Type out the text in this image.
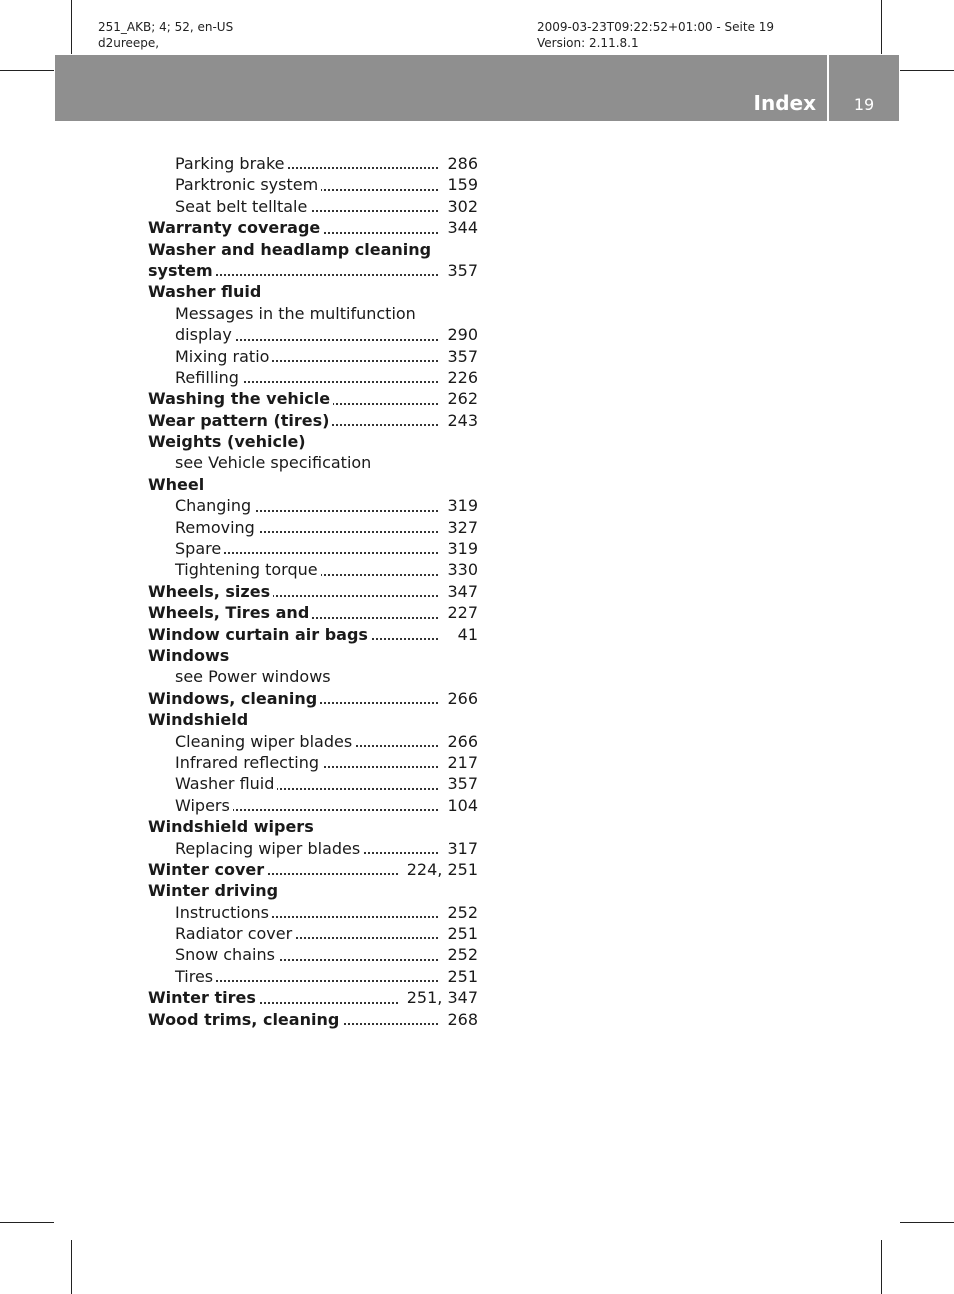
251_AKB; 4; 52, en-US
d2ureepe,
2009-03-23T09:22:52+01:00 - Seite 19
Version: 2.11.8.1
Index	19
Parking brake	286
Parktronic system	159
Seat belt telltale	302
Warranty coverage	344
Washer and headlamp cleaning
system	357
Washer fluid
Messages in the multifunction
display	290
Mixing ratio	357
Refilling	226
Washing the vehicle	262
Wear pattern (tires)	243
Weights (vehicle)
see Vehicle specification
Wheel
Changing	319
Removing	327
Spare	319
Tightening torque	330
Wheels, sizes	347
Wheels, Tires and	227
Window curtain air bags	41
Windows
see Power windows
Windows, cleaning	266
Windshield
Cleaning wiper blades	266
Infrared reflecting	217
Washer fluid	357
Wipers	104
Windshield wipers
Replacing wiper blades	317
Winter cover	224, 251
Winter driving
Instructions	252
Radiator cover	251
Snow chains	252
Tires	251
Winter tires	251, 347
Wood trims, cleaning	268
